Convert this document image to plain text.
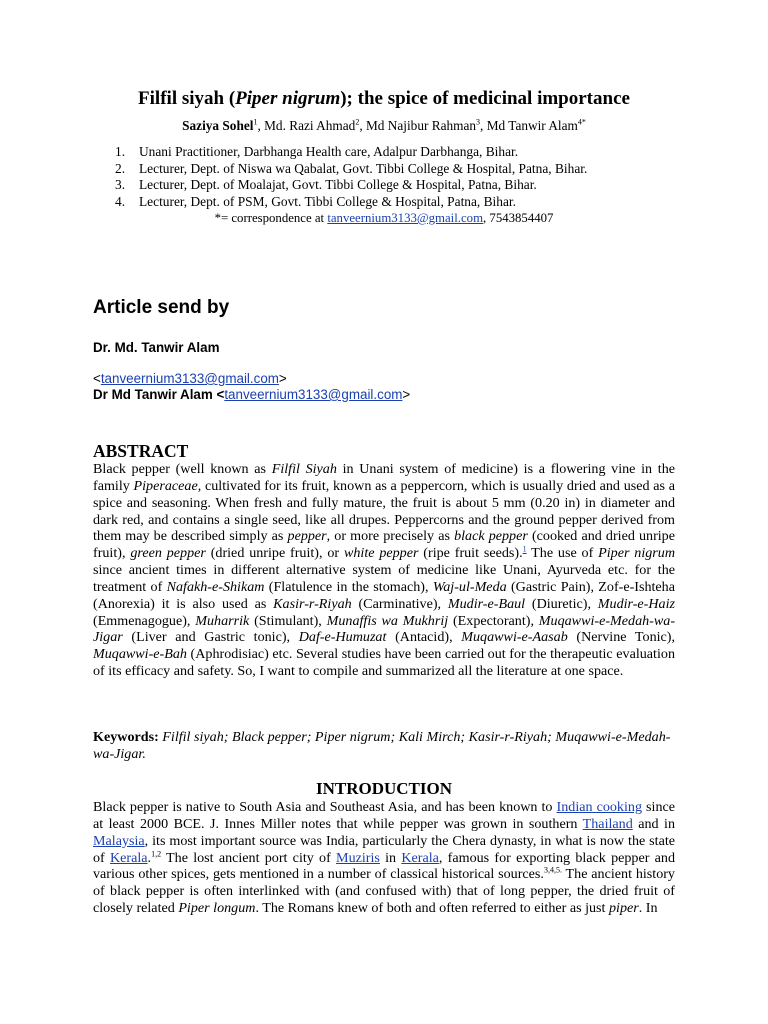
Filfil siyah (Piper nigrum); the spice of medicinal importance

Saziya Sohel$^1$, Md. Razi Ahmad$^2$, Md Najibur Rahman$^3$, Md Tanwir Alam$^{4*}$

1. Unani Practitioner, Darbhanga Health care, Adalpur Darbhanga, Bihar.
2. Lecturer, Dept. of Niswa wa Qabalat, Govt. Tibbi College & Hospital, Patna, Bihar.
3. Lecturer, Dept. of Moalajat, Govt. Tibbi College & Hospital, Patna, Bihar.
4. Lecturer, Dept. of PSM, Govt. Tibbi College & Hospital, Patna, Bihar.

*= correspondence at tanveernium3133@gmail.com, 7543854407

Article send by
Dr. Md. Tanwir Alam
<tanveernium3133@gmail.com>
Dr Md Tanwir Alam <tanveernium3133@gmail.com>
ABSTRACT

Black pepper (well known as Filfil Siyah in Unani system of medicine) is a flowering vine in the family Piperaceae, cultivated for its fruit, known as a peppercorn, which is usually dried and used as a spice and seasoning. When fresh and fully mature, the fruit is about 5 mm (0.20 in) in diameter and dark red, and contains a single seed, like all drupes. Peppercorns and the ground pepper derived from them may be described simply as pepper, or more precisely as black pepper (cooked and dried unripe fruit), green pepper (dried unripe fruit), or white pepper (ripe fruit seeds).$^1$ The use of Piper nigrum since ancient times in different alternative system of medicine like Unani, Ayurveda etc. for the treatment of Nafakh-e-Shikam (Flatulence in the stomach), Waj-ul-Meda (Gastric Pain), Zof-e-Ishteha (Anorexia) it is also used as Kasir-r-Riyah (Carminative), Mudir-e-Baul (Diuretic), Mudir-e-Haiz (Emmenagogue), Muharrik (Stimulant), Munaffis wa Mukhrij (Expectorant), Muqawwi-e-Medah-wa-Jigar (Liver and Gastric tonic), Daf-e-Humuzat (Antacid), Muqawwi-e-Aasab (Nervine Tonic), Muqawwi-e-Bah (Aphrodisiac) etc. Several studies have been carried out for the therapeutic evaluation of its efficacy and safety. So, I want to compile and summarized all the literature at one space.

Keywords: Filfil siyah; Black pepper; Piper nigrum; Kali Mirch; Kasir-r-Riyah; Muqawwi-e-Medah-wa-Jigar.

INTRODUCTION

Black pepper is native to South Asia and Southeast Asia, and has been known to Indian cooking since at least 2000 BCE. J. Innes Miller notes that while pepper was grown in southern Thailand and in Malaysia, its most important source was India, particularly the Chera dynasty, in what is now the state of Kerala.$^{1,2}$ The lost ancient port city of Muziris in Kerala, famous for exporting black pepper and various other spices, gets mentioned in a number of classical historical sources.$^{3,4,5.}$ The ancient history of black pepper is often interlinked with (and confused with) that of long pepper, the dried fruit of closely related Piper longum. The Romans knew of both and often referred to either as just piper. In
